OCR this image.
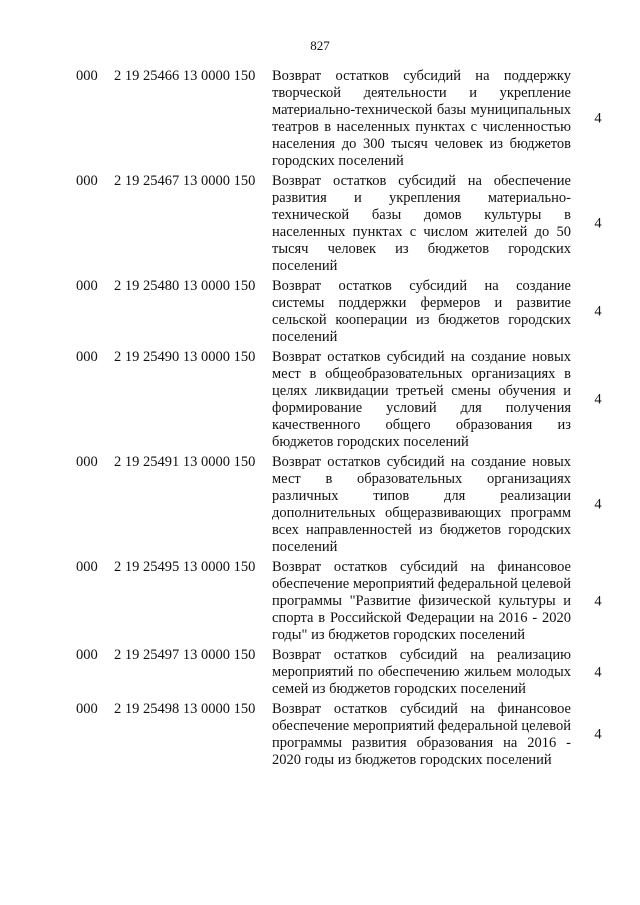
827
000 2 19 25466 13 0000 150 Возврат остатков субсидий на поддержку творческой деятельности и укрепление материально-технической базы муниципальных театров в населенных пунктах с численностью населения до 300 тысяч человек из бюджетов городских поселений
4
000 2 19 25467 13 0000 150 Возврат остатков субсидий на обеспечение развития и укрепления материально-технической базы домов культуры в населенных пунктах с числом жителей до 50 тысяч человек из бюджетов городских поселений
4
000 2 19 25480 13 0000 150 Возврат остатков субсидий на создание системы поддержки фермеров и развитие сельской кооперации из бюджетов городских поселений
4
000 2 19 25490 13 0000 150 Возврат остатков субсидий на создание новых мест в общеобразовательных организациях в целях ликвидации третьей смены обучения и формирование условий для получения качественного общего образования из бюджетов городских поселений
4
000 2 19 25491 13 0000 150 Возврат остатков субсидий на создание новых мест в образовательных организациях различных типов для реализации дополнительных общеразвивающих программ всех направленностей из бюджетов городских поселений
4
000 2 19 25495 13 0000 150 Возврат остатков субсидий на финансовое обеспечение мероприятий федеральной целевой программы "Развитие физической культуры и спорта в Российской Федерации на 2016 - 2020 годы" из бюджетов городских поселений
4
000 2 19 25497 13 0000 150 Возврат остатков субсидий на реализацию мероприятий по обеспечению жильем молодых семей из бюджетов городских поселений
4
000 2 19 25498 13 0000 150 Возврат остатков субсидий на финансовое обеспечение мероприятий федеральной целевой программы развития образования на 2016 - 2020 годы из бюджетов городских поселений
4
